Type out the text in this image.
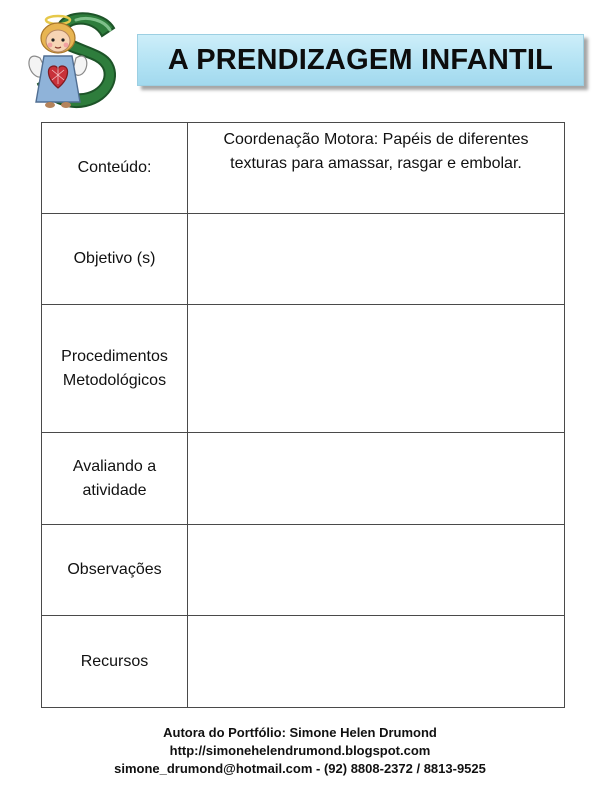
A PRENDIZAGEM INFANTIL
Conteúdo:	Coordenação Motora: Papéis de diferentes texturas para amassar, rasgar e embolar.

Objetivo (s)	

Procedimentos Metodológicos	

Avaliando a atividade	

Observações	

Recursos	
Autora do Portfólio: Simone Helen Drumond
http://simonehelendrumond.blogspot.com
simone_drumond@hotmail.com - (92) 8808-2372 / 8813-9525
